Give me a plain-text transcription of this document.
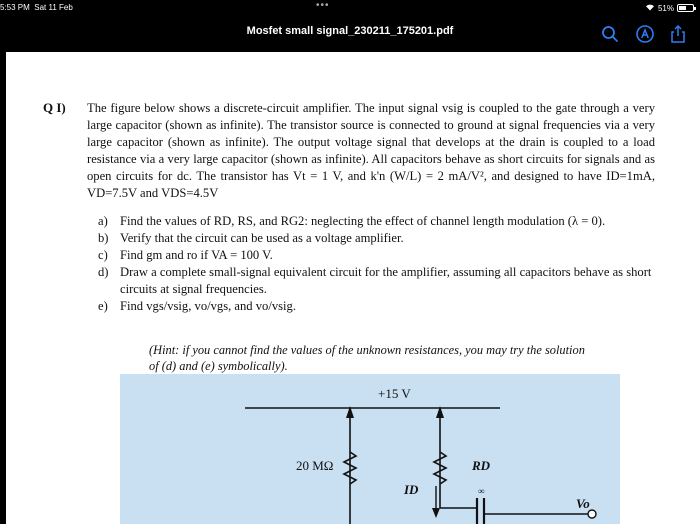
5:53 PM Sat 11 Feb	•••	51%
Mosfet small signal_230211_175201.pdf
Q I) The figure below shows a discrete-circuit amplifier. The input signal vsig is coupled to the gate through a very large capacitor (shown as infinite). The transistor source is connected to ground at signal frequencies via a very large capacitor (shown as infinite). The output voltage signal that develops at the drain is coupled to a load resistance via a very large capacitor (shown as infinite). All capacitors behave as short circuits for signals and as open circuits for dc. The transistor has Vt = 1 V, and k'n (W/L) = 2 mA/V², and designed to have ID=1mA, VD=7.5V and VDS=4.5V
a) Find the values of RD, RS, and RG2: neglecting the effect of channel length modulation (λ = 0).
b) Verify that the circuit can be used as a voltage amplifier.
c) Find gm and ro if VA = 100 V.
d) Draw a complete small-signal equivalent circuit for the amplifier, assuming all capacitors behave as short circuits at signal frequencies.
e) Find vgs/vsig, vo/vgs, and vo/vsig.
(Hint: if you cannot find the values of the unknown resistances, you may try the solution of (d) and (e) symbolically).
+15 V
20 MΩ	RD
ID	∞
Vo
